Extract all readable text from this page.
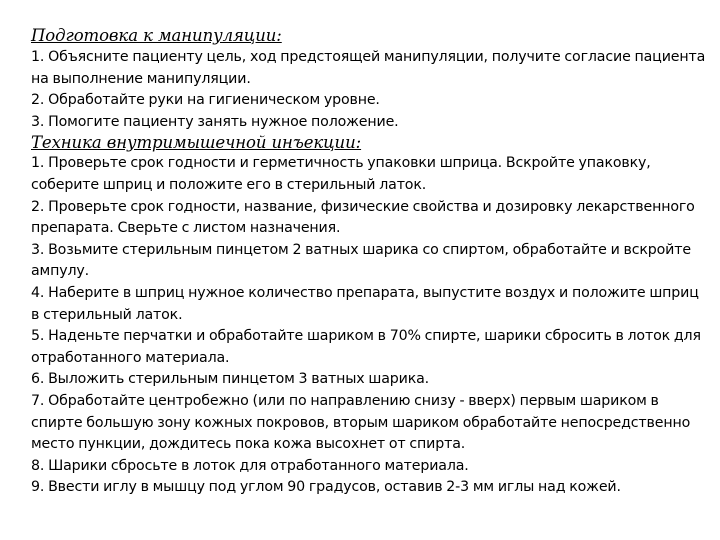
Подготовка к манипуляции:
1. Объясните пациенту цель, ход предстоящей манипуляции, получите согласие пациента на выполнение манипуляции.
2. Обработайте руки на гигиеническом уровне.
3. Помогите пациенту занять нужное положение.
Техника внутримышечной инъекции:
1. Проверьте срок годности и герметичность упаковки шприца. Вскройте упаковку, соберите шприц и положите его в стерильный латок.
2. Проверьте срок годности, название, физические свойства и дозировку лекарственного препарата. Сверьте с листом назначения.
3. Возьмите стерильным пинцетом 2 ватных шарика со спиртом, обработайте и вскройте ампулу.
4. Наберите в шприц нужное количество препарата, выпустите воздух и положите шприц в стерильный латок.
5. Наденьте перчатки и обработайте шариком в 70% спирте, шарики сбросить в лоток для отработанного материала.
6. Выложить стерильным пинцетом 3 ватных шарика.
7. Обработайте центробежно (или по направлению снизу - вверх) первым шариком в спирте большую зону кожных покровов, вторым шариком обработайте непосредственно место пункции, дождитесь пока кожа высохнет от спирта.
8. Шарики сбросьте в лоток для отработанного материала.
9. Ввести иглу в мышцу под углом 90 градусов, оставив 2-3 мм иглы над кожей.
